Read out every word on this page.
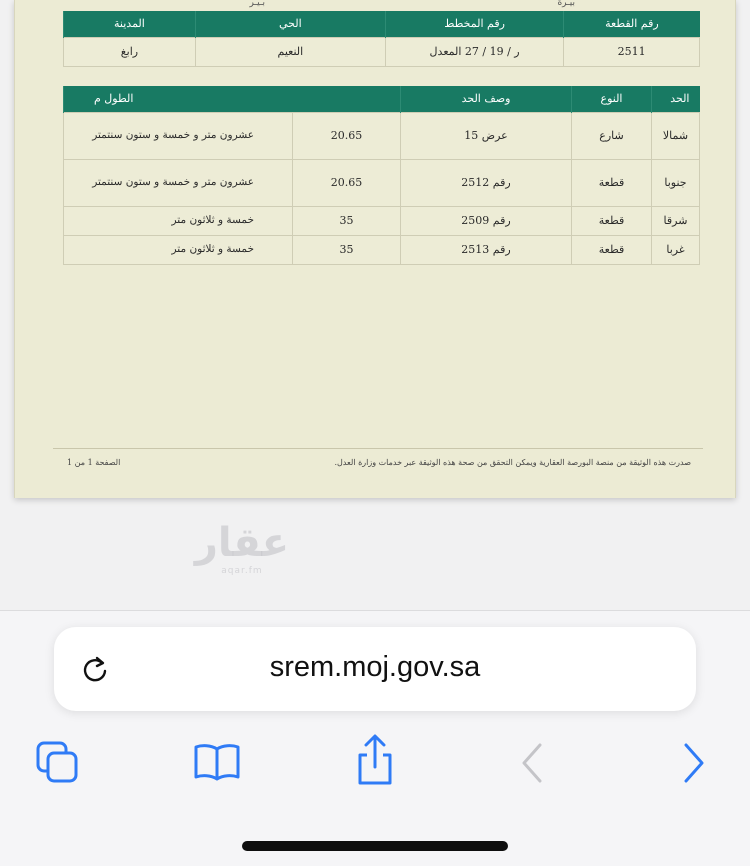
بيـرة
بـيـر
رقم القطعة	رقم المخطط	الحي	المدينة
2511	ر / 19 / 27 المعدل	النعيم	رابغ
الحد	النوع	وصف الحد	الطول م	
شمالا	شارع	عرض 15	20.65	عشرون متر و خمسة و ستون سنتمتر
جنوبا	قطعة	رقم 2512	20.65	عشرون متر و خمسة و ستون سنتمتر
شرقا	قطعة	رقم 2509	35	خمسة و ثلاثون متر
غربا	قطعة	رقم 2513	35	خمسة و ثلاثون متر
صدرت هذه الوثيقة من منصة البورصة العقارية ويمكن التحقق من صحة هذه الوثيقة عبر خدمات وزارة العدل.
الصفحة 1 من 1
عقار
aqar.fm
srem.moj.gov.sa
